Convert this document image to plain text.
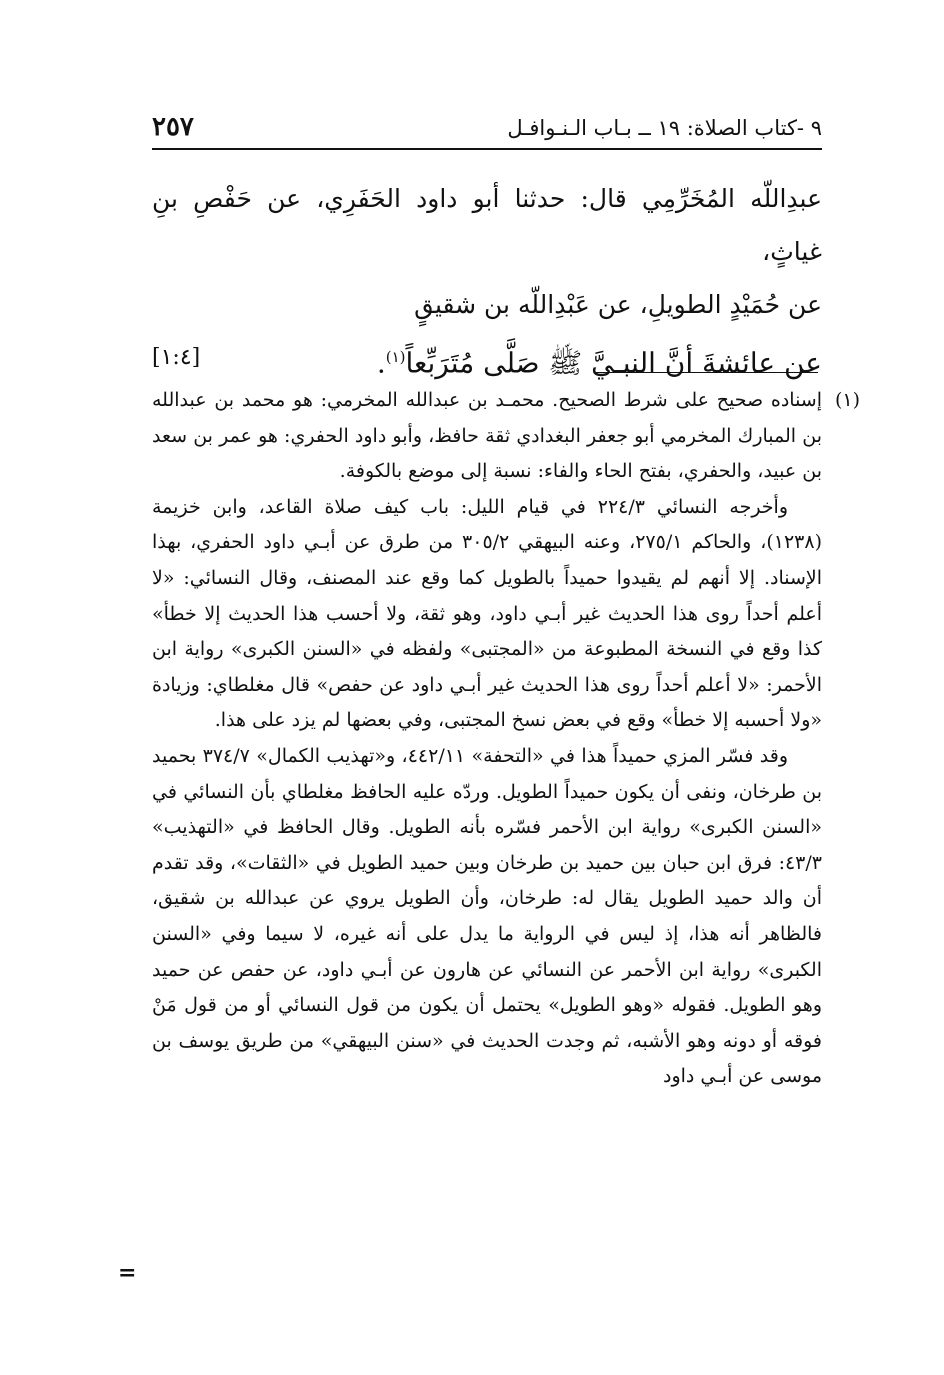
٩ -كتاب الصلاة: ١٩ ــ بـاب الـنـوافـل
٢٥٧

عبدِاللّه المُخَرِّمِي قال: حدثنا أبو داود الحَفَرِي، عن حَفْصِ بنِ غياثٍ،

عن حُمَيْدٍ الطويلِ، عن عَبْدِاللّه بن شقيقٍ

عن عائشةَ أنَّ النبـيَّ ﷺ صَلَّى مُتَرَبِّعاً$^{(١)}$.
[١:٤]

(١)إسناده صحيح على شرط الصحيح. محمـد بن عبدالله المخرمي: هو محمد بن عبدالله بن المبارك المخرمي أبو جعفر البغدادي ثقة حافظ، وأبو داود الحفري: هو عمر بن سعد بن عبيد، والحفري، بفتح الحاء والفاء: نسبة إلى موضع بالكوفة.

وأخرجه النسائي ٢٢٤/٣ في قيام الليل: باب كيف صلاة القاعد، وابن خزيمة (١٢٣٨)، والحاكم ٢٧٥/١، وعنه البيهقي ٣٠٥/٢ من طرق عن أبـي داود الحفري، بهذا الإسناد. إلا أنهم لم يقيدوا حميداً بالطويل كما وقع عند المصنف، وقال النسائي: «لا أعلم أحداً روى هذا الحديث غير أبـي داود، وهو ثقة، ولا أحسب هذا الحديث إلا خطأ» كذا وقع في النسخة المطبوعة من «المجتبى» ولفظه في «السنن الكبرى» رواية ابن الأحمر: «لا أعلم أحداً روى هذا الحديث غير أبـي داود عن حفص» قال مغلطاي: وزيادة «ولا أحسبه إلا خطأ» وقع في بعض نسخ المجتبى، وفي بعضها لم يزد على هذا.

وقد فسّر المزي حميداً هذا في «التحفة» ٤٤٢/١١، و«تهذيب الكمال» ٣٧٤/٧ بحميد بن طرخان، ونفى أن يكون حميداً الطويل. وردّه عليه الحافظ مغلطاي بأن النسائي في «السنن الكبرى» رواية ابن الأحمر فسّره بأنه الطويل. وقال الحافظ في «التهذيب» ٤٣/٣: فرق ابن حبان بين حميد بن طرخان وبين حميد الطويل في «الثقات»، وقد تقدم أن والد حميد الطويل يقال له: طرخان، وأن الطويل يروي عن عبدالله بن شقيق، فالظاهر أنه هذا، إذ ليس في الرواية ما يدل على أنه غيره، لا سيما وفي «السنن الكبرى» رواية ابن الأحمر عن النسائي عن هارون عن أبـي داود، عن حفص عن حميد وهو الطويل. فقوله «وهو الطويل» يحتمل أن يكون من قول النسائي أو من قول مَنْ فوقه أو دونه وهو الأشبه، ثم وجدت الحديث في «سنن البيهقي» من طريق يوسف بن موسى عن أبـي داود

=
